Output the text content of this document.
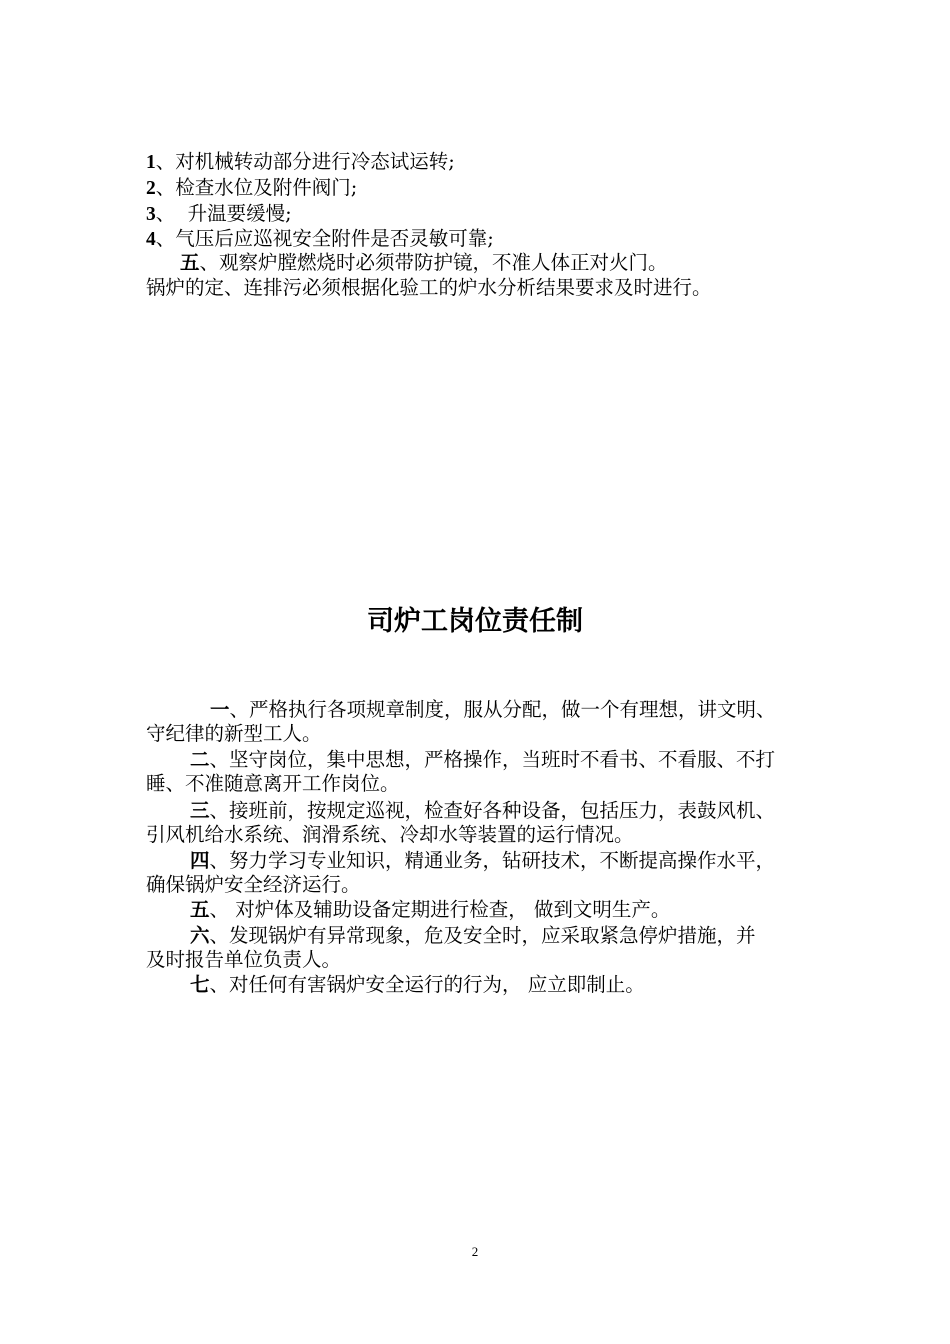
1、对机械转动部分进行冷态试运转;
2、检查水位及附件阀门;
3、  升温要缓慢;
4、气压后应巡视安全附件是否灵敏可靠;
五、观察炉膛燃烧时必须带防护镜，不准人体正对火门。
锅炉的定、连排污必须根据化验工的炉水分析结果要求及时进行。
司炉工岗位责任制
一、严格执行各项规章制度，服从分配，做一个有理想，讲文明、
守纪律的新型工人。
二、坚守岗位，集中思想，严格操作，当班时不看书、不看服、不打
睡、不准随意离开工作岗位。
三、接班前，按规定巡视，检查好各种设备，包括压力，表鼓风机、
引风机给水系统、润滑系统、冷却水等装置的运行情况。
四、努力学习专业知识，精通业务，钻研技术，不断提高操作水平，
确保锅炉安全经济运行。
五、 对炉体及辅助设备定期进行检查， 做到文明生产。
六、发现锅炉有异常现象，危及安全时，应采取紧急停炉措施，并
及时报告单位负责人。
七、对任何有害锅炉安全运行的行为， 应立即制止。
2
